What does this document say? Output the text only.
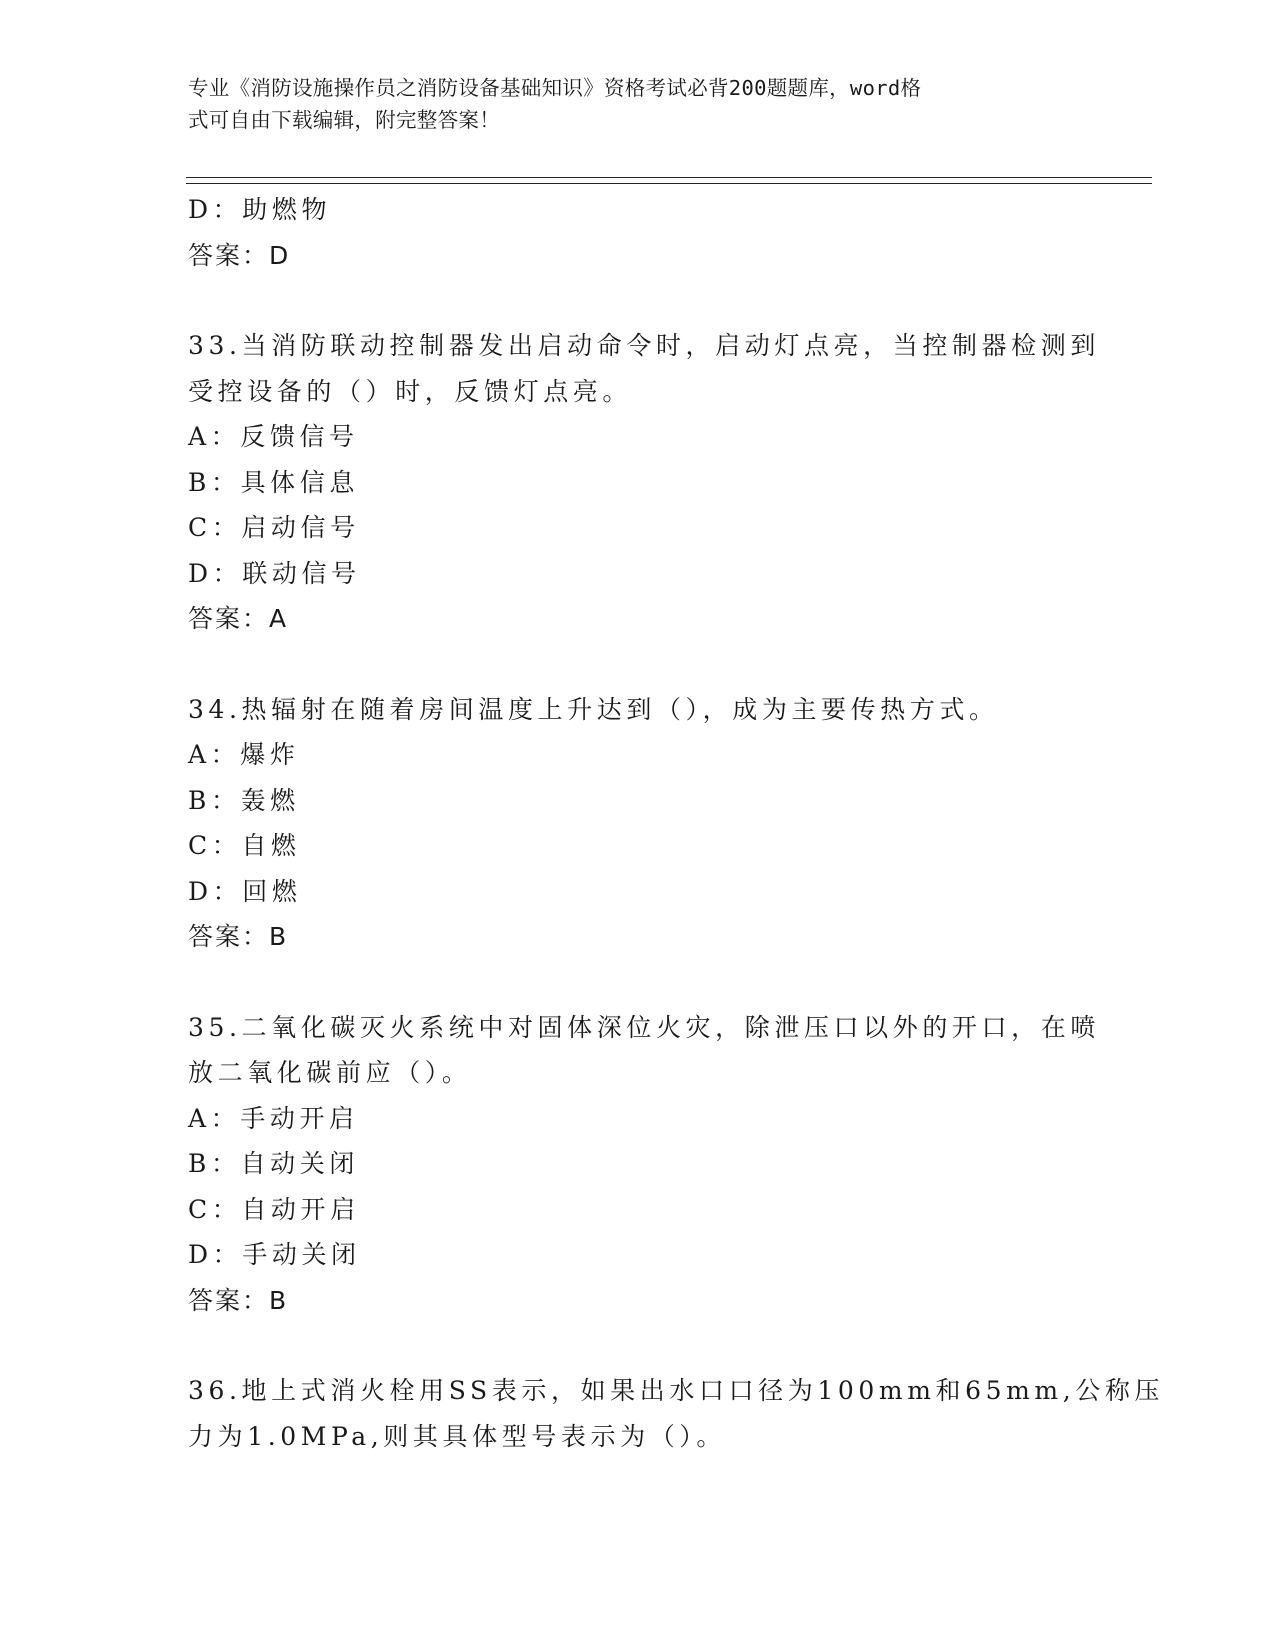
专业《消防设施操作员之消防设备基础知识》资格考试必背200题题库，word格
式可自由下载编辑，附完整答案！
D：助燃物
答案：D
33.当消防联动控制器发出启动命令时，启动灯点亮，当控制器检测到
受控设备的（）时，反馈灯点亮。
A：反馈信号
B：具体信息
C：启动信号
D：联动信号
答案：A
34.热辐射在随着房间温度上升达到（），成为主要传热方式。
A：爆炸
B：轰燃
C：自燃
D：回燃
答案：B
35.二氧化碳灭火系统中对固体深位火灾，除泄压口以外的开口，在喷
放二氧化碳前应（）。
A：手动开启
B：自动关闭
C：自动开启
D：手动关闭
答案：B
36.地上式消火栓用SS表示，如果出水口口径为100mm和65mm,公称压
力为1.0MPa,则其具体型号表示为（）。
